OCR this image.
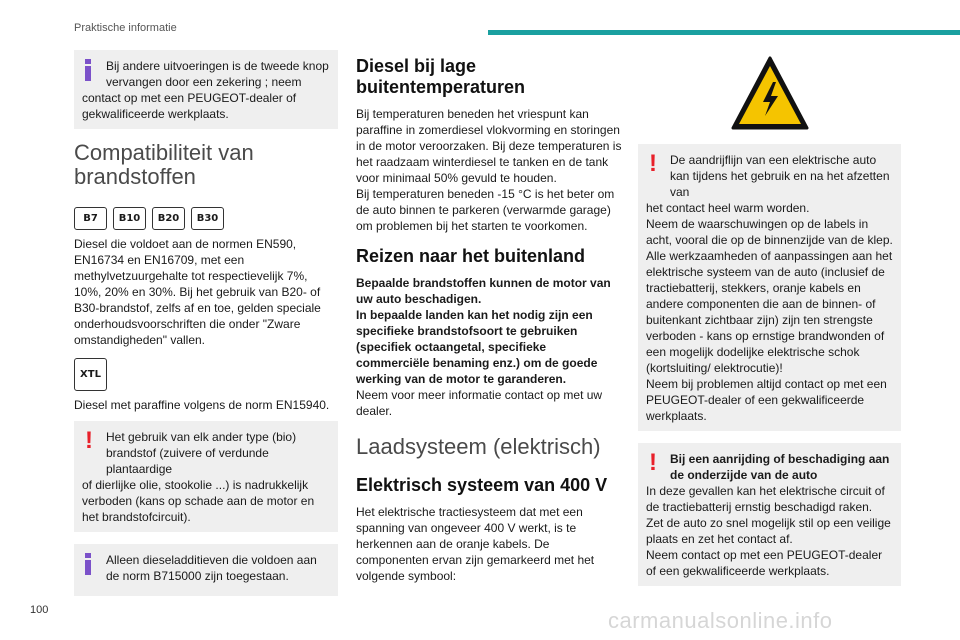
Praktische informatie

Bij andere uitvoeringen is de tweede knop vervangen door een zekering ; neem

contact op met een PEUGEOT-dealer of gekwalificeerde werkplaats.

Compatibiliteit van brandstoffen
B7	B10	B20	B30

Diesel die voldoet aan de normen EN590, EN16734 en EN16709, met een methylvetzuurgehalte tot respectievelijk 7%, 10%, 20% en 30%. Bij het gebruik van B20- of B30-brandstof, zelfs af en toe, gelden speciale onderhoudsvoorschriften die onder "Zware omstandigheden" vallen.

XTL

Diesel met paraffine volgens de norm EN15940.

!	Het gebruik van elk ander type (bio) brandstof (zuivere of verdunde plantaardige

of dierlijke olie, stookolie ...) is nadrukkelijk verboden (kans op schade aan de motor en het brandstofcircuit).

Alleen dieseladditieven die voldoen aan de norm B715000 zijn toegestaan.

Diesel bij lage buitentemperaturen

Bij temperaturen beneden het vriespunt kan paraffine in zomerdiesel vlokvorming en storingen in de motor veroorzaken. Bij deze temperaturen is het raadzaam winterdiesel te tanken en de tank voor minimaal 50% gevuld te houden.

Bij temperaturen beneden -15 °C is het beter om de auto binnen te parkeren (verwarmde garage) om problemen bij het starten te voorkomen.

Reizen naar het buitenland

Bepaalde brandstoffen kunnen de motor van uw auto beschadigen.

In bepaalde landen kan het nodig zijn een specifieke brandstofsoort te gebruiken (specifiek octaangetal, specifieke commerciële benaming enz.) om de goede werking van de motor te garanderen.

Neem voor meer informatie contact op met uw dealer.

Laadsysteem (elektrisch)
Elektrisch systeem van 400 V

Het elektrische tractiesysteem dat met een spanning van ongeveer 400 V werkt, is te herkennen aan de oranje kabels. De componenten ervan zijn gemarkeerd met het volgende symbool:

!	De aandrijflijn van een elektrische auto kan tijdens het gebruik en na het afzetten van

het contact heel warm worden.

Neem de waarschuwingen op de labels in acht, vooral die op de binnenzijde van de klep.

Alle werkzaamheden of aanpassingen aan het elektrische systeem van de auto (inclusief de tractiebatterij, stekkers, oranje kabels en andere componenten die aan de binnen- of buitenkant zichtbaar zijn) zijn ten strengste verboden - kans op ernstige brandwonden of een mogelijk dodelijke elektrische schok (kortsluiting/ elektrocutie)!

Neem bij problemen altijd contact op met een PEUGEOT-dealer of een gekwalificeerde werkplaats.

!	Bij een aanrijding of beschadiging aan de onderzijde van de auto

In deze gevallen kan het elektrische circuit of de tractiebatterij ernstig beschadigd raken.

Zet de auto zo snel mogelijk stil op een veilige plaats en zet het contact af.

Neem contact op met een PEUGEOT-dealer of een gekwalificeerde werkplaats.

100	carmanualsonline.info
